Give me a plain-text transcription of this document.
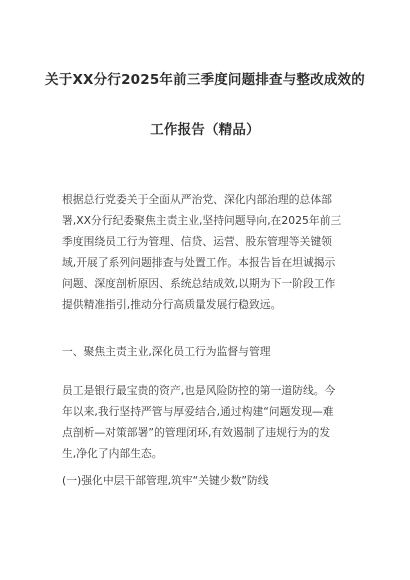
关于XX分行2025年前三季度问题排查与整改成效的
工作报告（精品）

根据总行党委关于全面从严治党、深化内部治理的总体部
署,XX分行纪委聚焦主责主业,坚持问题导向,在2025年前三
季度围绕员工行为管理、信贷、运营、股东管理等关键领
域,开展了系列问题排查与处置工作。本报告旨在坦诚揭示
问题、深度剖析原因、系统总结成效,以期为下一阶段工作
提供精准指引,推动分行高质量发展行稳致远。

一、聚焦主责主业,深化员工行为监督与管理

员工是银行最宝贵的资产,也是风险防控的第一道防线。今
年以来,我行坚持严管与厚爱结合,通过构建“问题发现—难
点剖析—对策部署”的管理闭环,有效遏制了违规行为的发
生,净化了内部生态。

(一)强化中层干部管理,筑牢“关键少数”防线
